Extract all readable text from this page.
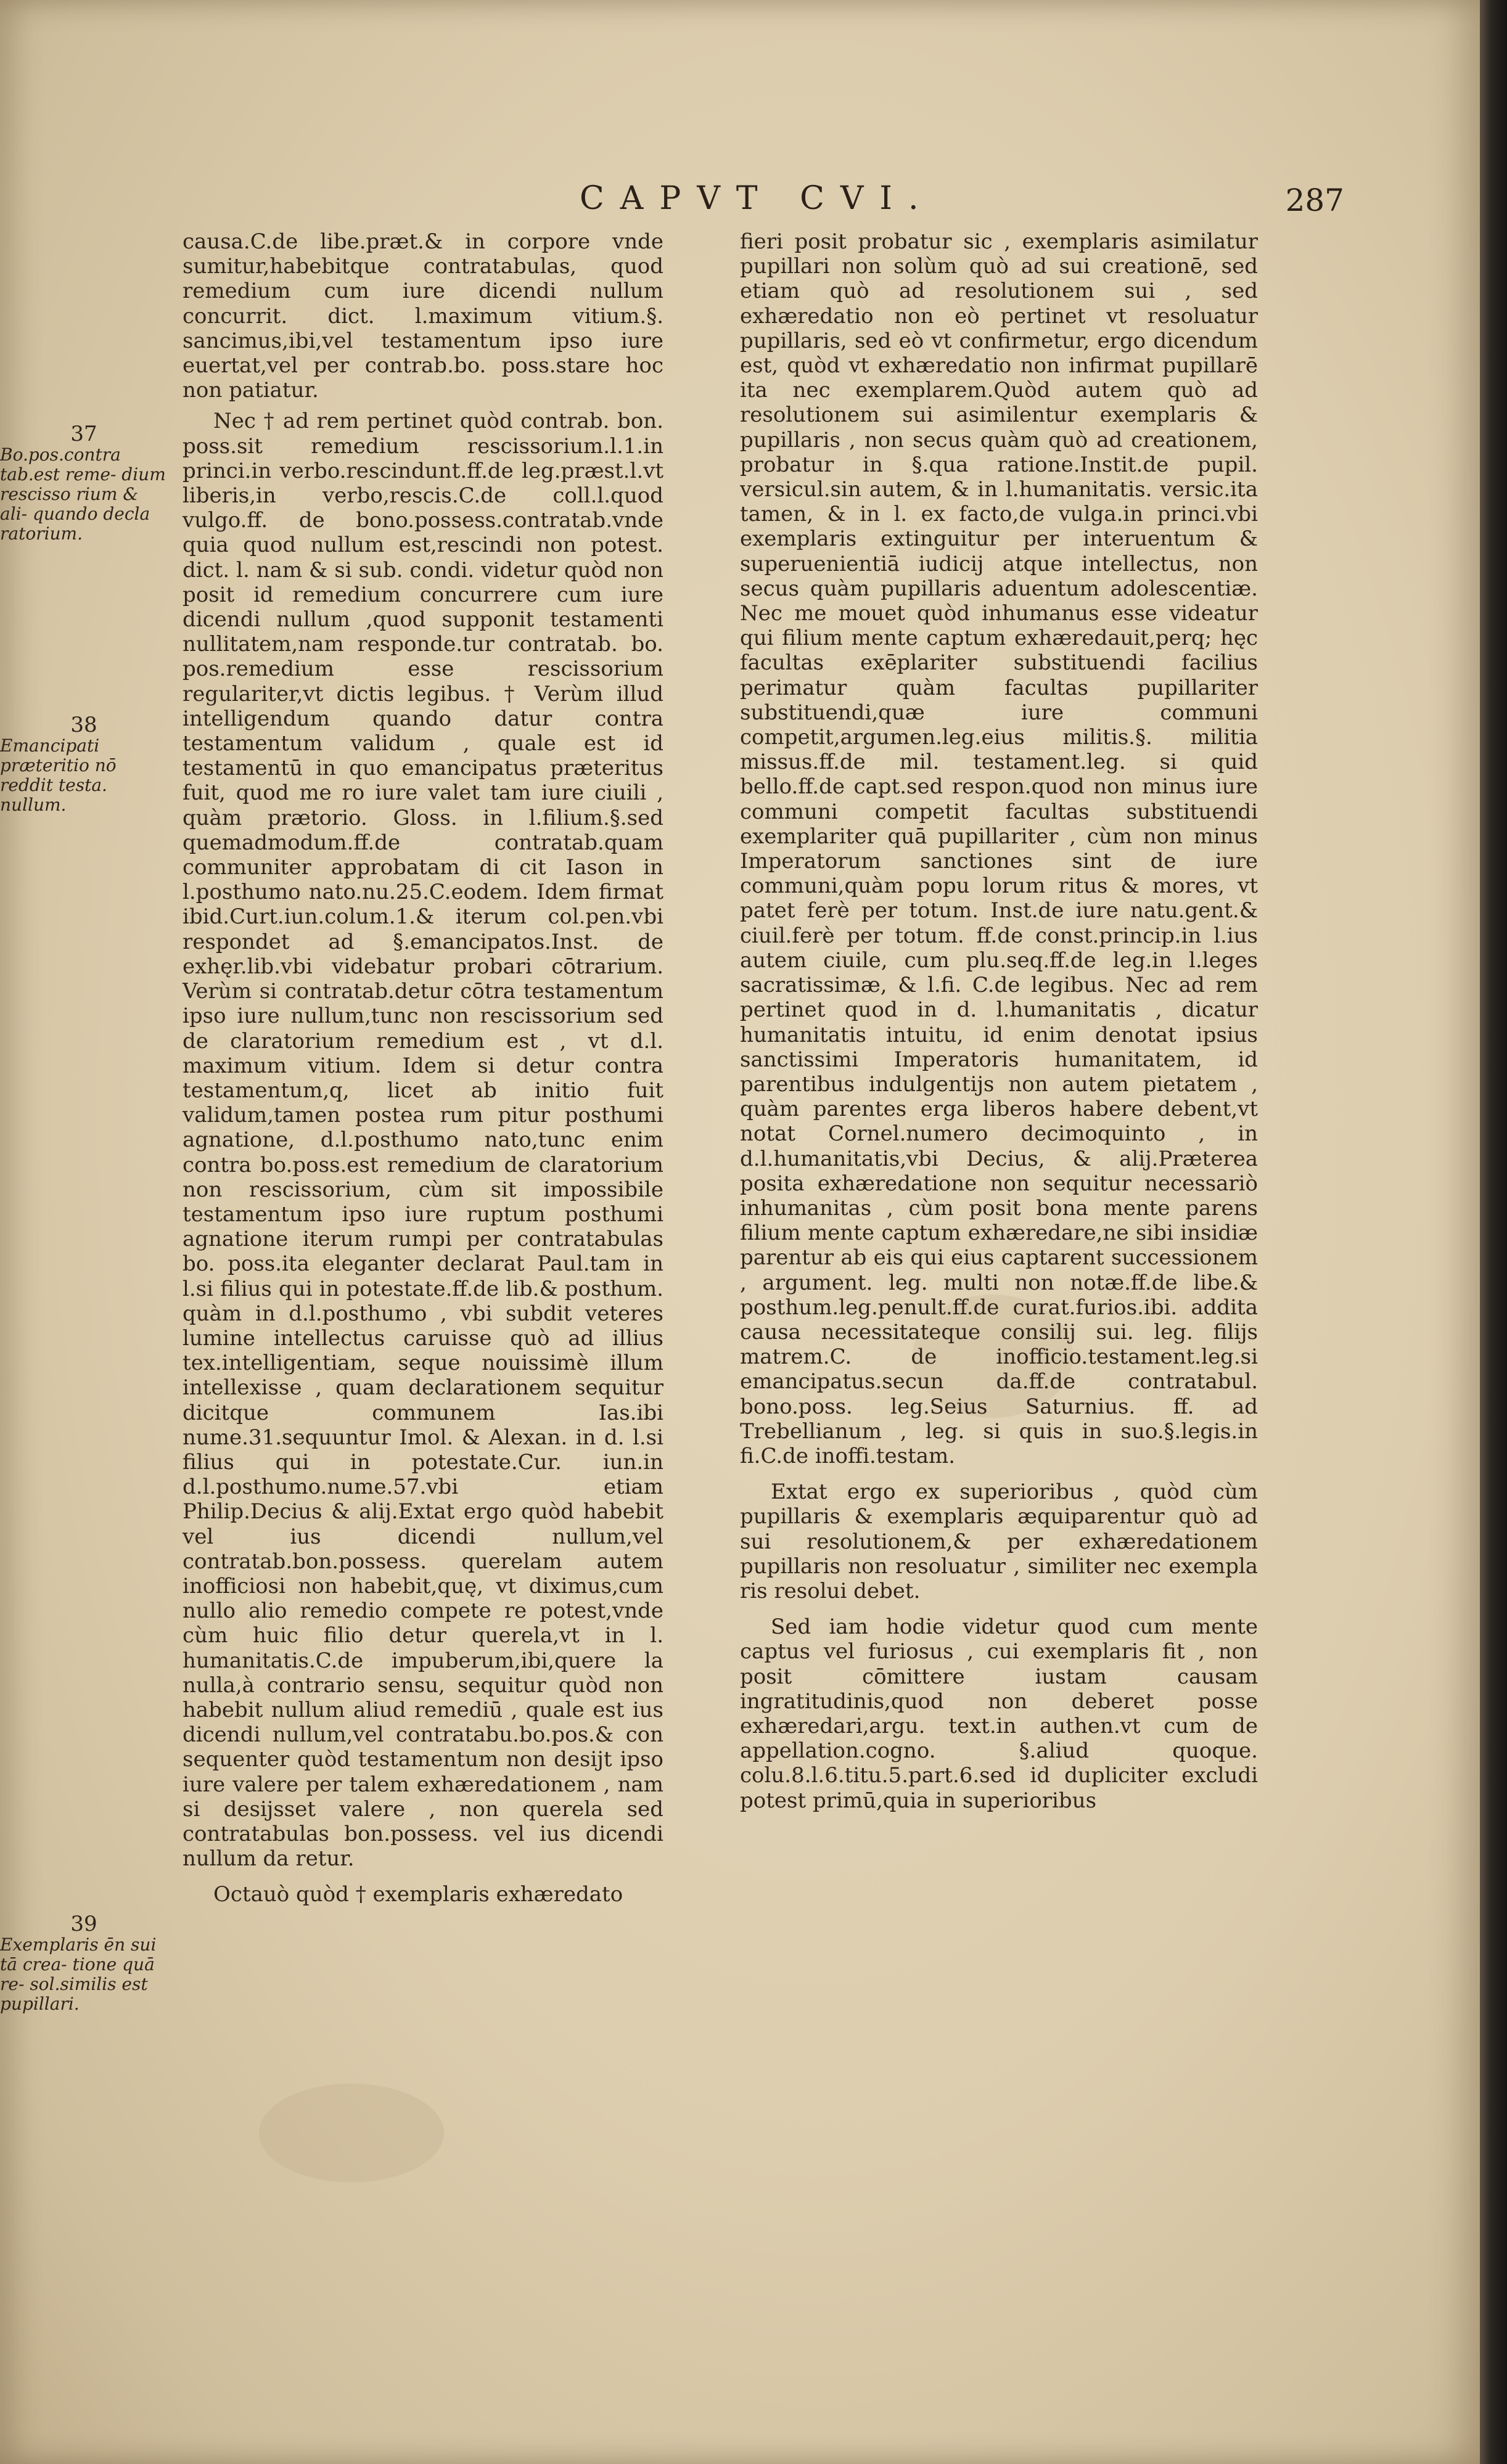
CAPVT CVI.	287
37
Bo.pos.contra tab.est reme- dium rescisso rium & ali- quando decla ratorium.
38
Emancipati præteritio nō reddit testa. nullum.
39
Exemplaris ēn sui tā crea- tione quā re- sol.similis est pupillari.

causa.C.de libe.præt.& in corpore vnde sumitur,habebitque contratabulas, quod remedium cum iure dicendi nullum concurrit. dict. l.maximum vitium.§. sancimus,ibi,vel testamentum ipso iure euertat,vel per contrab.bo. poss.stare hoc non patiatur.

Nec † ad rem pertinet quòd contrab. bon. poss.sit remedium rescissorium.l.1.in princi.in verbo.rescindunt.ff.de leg.præst.l.vt liberis,in verbo,rescis.C.de coll.l.quod vulgo.ff. de bono.possess.contratab.vnde quia quod nullum est,rescindi non potest. dict. l. nam & si sub. condi. videtur quòd non posit id remedium concurrere cum iure dicendi nullum ,quod supponit testamenti nullitatem,nam responde.tur contratab. bo. pos.remedium esse rescissorium regulariter,vt dictis legibus. † Verùm illud intelligendum quando datur contra testamentum validum , quale est id testamentū in quo emancipatus præteritus fuit, quod me ro iure valet tam iure ciuili , quàm prætorio. Gloss. in l.filium.§.sed quemadmodum.ff.de contratab.quam communiter approbatam di cit Iason in l.posthumo nato.nu.25.C.eodem. Idem firmat ibid.Curt.iun.colum.1.& iterum col.pen.vbi respondet ad §.emancipatos.Inst. de exhęr.lib.vbi videbatur probari cōtrarium. Verùm si contratab.detur cōtra testamentum ipso iure nullum,tunc non rescissorium sed de claratorium remedium est , vt d.l. maximum vitium. Idem si detur contra testamentum,q, licet ab initio fuit validum,tamen postea rum pitur posthumi agnatione, d.l.posthumo nato,tunc enim contra bo.poss.est remedium de claratorium non rescissorium, cùm sit impossibile testamentum ipso iure ruptum posthumi agnatione iterum rumpi per contratabulas bo. poss.ita eleganter declarat Paul.tam in l.si filius qui in potestate.ff.de lib.& posthum. quàm in d.l.posthumo , vbi subdit veteres lumine intellectus caruisse quò ad illius tex.intelligentiam, seque nouissimè illum intellexisse , quam declarationem sequitur dicitque communem Ias.ibi nume.31.sequuntur Imol. & Alexan. in d. l.si filius qui in potestate.Cur. iun.in d.l.posthumo.nume.57.vbi etiam Philip.Decius & alij.Extat ergo quòd habebit vel ius dicendi nullum,vel contratab.bon.possess. querelam autem inofficiosi non habebit,quę, vt diximus,cum nullo alio remedio compete re potest,vnde cùm huic filio detur querela,vt in l. humanitatis.C.de impuberum,ibi,quere la nulla,à contrario sensu, sequitur quòd non habebit nullum aliud remediū , quale est ius dicendi nullum,vel contratabu.bo.pos.& con sequenter quòd testamentum non desijt ipso iure valere per talem exhæredationem , nam si desijsset valere , non querela sed contratabulas bon.possess. vel ius dicendi nullum da retur.

Octauò quòd † exemplaris exhæredato

fieri posit probatur sic , exemplaris asimilatur pupillari non solùm quò ad sui creationē, sed etiam quò ad resolutionem sui , sed exhæredatio non eò pertinet vt resoluatur pupillaris, sed eò vt confirmetur, ergo dicendum est, quòd vt exhæredatio non infirmat pupillarē ita nec exemplarem.Quòd autem quò ad resolutionem sui asimilentur exemplaris & pupillaris , non secus quàm quò ad creationem, probatur in §.qua ratione.Instit.de pupil. versicul.sin autem, & in l.humanitatis. versic.ita tamen, & in l. ex facto,de vulga.in princi.vbi exemplaris extinguitur per interuentum & superuenientiā iudicij atque intellectus, non secus quàm pupillaris aduentum adolescentiæ. Nec me mouet quòd inhumanus esse videatur qui filium mente captum exhæredauit,perq; hęc facultas exēplariter substituendi facilius perimatur quàm facultas pupillariter substituendi,quæ iure communi competit,argumen.leg.eius militis.§. militia missus.ff.de mil. testament.leg. si quid bello.ff.de capt.sed respon.quod non minus iure communi competit facultas substituendi exemplariter quā pupillariter , cùm non minus Imperatorum sanctiones sint de iure communi,quàm popu lorum ritus & mores, vt patet ferè per totum. Inst.de iure natu.gent.& ciuil.ferè per totum. ff.de const.princip.in l.ius autem ciuile, cum plu.seq.ff.de leg.in l.leges sacratissimæ, & l.fi. C.de legibus. Nec ad rem pertinet quod in d. l.humanitatis , dicatur humanitatis intuitu, id enim denotat ipsius sanctissimi Imperatoris humanitatem, id parentibus indulgentijs non autem pietatem , quàm parentes erga liberos habere debent,vt notat Cornel.numero decimoquinto , in d.l.humanitatis,vbi Decius, & alij.Præterea posita exhæredatione non sequitur necessariò inhumanitas , cùm posit bona mente parens filium mente captum exhæredare,ne sibi insidiæ parentur ab eis qui eius captarent successionem , argument. leg. multi non notæ.ff.de libe.& posthum.leg.penult.ff.de curat.furios.ibi. addita causa necessitateque consilij sui. leg. filijs matrem.C. de inofficio.testament.leg.si emancipatus.secun da.ff.de contratabul. bono.poss. leg.Seius Saturnius. ff. ad Trebellianum , leg. si quis in suo.§.legis.in fi.C.de inoffi.testam.

Extat ergo ex superioribus , quòd cùm pupillaris & exemplaris æquiparentur quò ad sui resolutionem,& per exhæredationem pupillaris non resoluatur , similiter nec exempla ris resolui debet.

Sed iam hodie videtur quod cum mente captus vel furiosus , cui exemplaris fit , non posit cōmittere iustam causam ingratitudinis,quod non deberet posse exhæredari,argu. text.in authen.vt cum de appellation.cogno. §.aliud quoque. colu.8.l.6.titu.5.part.6.sed id dupliciter excludi potest primū,quia in superioribus
